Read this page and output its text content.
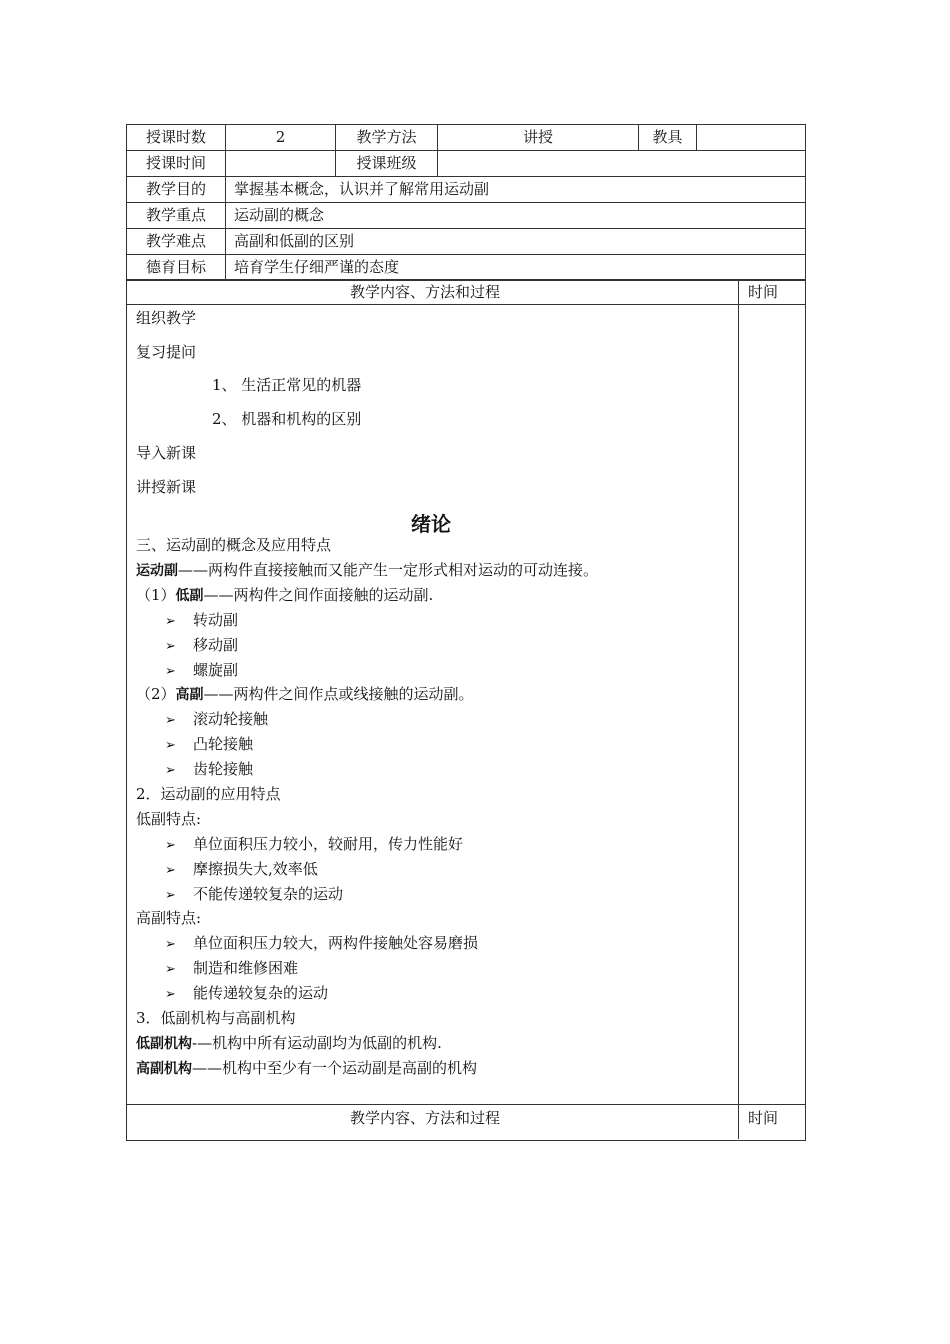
授课时数	2	教学方法	讲授	教具	
授课时间		授课班级			
教学目的	掌握基本概念，认识并了解常用运动副				
教学重点	运动副的概念				
教学难点	高副和低副的区别				
德育目标	培育学生仔细严谨的态度				
教学内容、方法和过程	时间
组织教学
复习提问
1、 生活正常见的机器
2、 机器和机构的区别
导入新课
讲授新课
绪论
三、运动副的概念及应用特点
运动副——两构件直接接触而又能产生一定形式相对运动的可动连接。
（1）低副——两构件之间作面接触的运动副.
➢ 转动副
➢ 移动副
➢ 螺旋副
（2）高副——两构件之间作点或线接触的运动副。
➢ 滚动轮接触
➢ 凸轮接触
➢ 齿轮接触
2．运动副的应用特点
低副特点:
➢ 单位面积压力较小，较耐用，传力性能好
➢ 摩擦损失大,效率低
➢ 不能传递较复杂的运动
高副特点:
➢ 单位面积压力较大，两构件接触处容易磨损
➢ 制造和维修困难
➢ 能传递较复杂的运动
3．低副机构与高副机构
低副机构-—机构中所有运动副均为低副的机构.
高副机构——机构中至少有一个运动副是高副的机构
教学内容、方法和过程	时间
